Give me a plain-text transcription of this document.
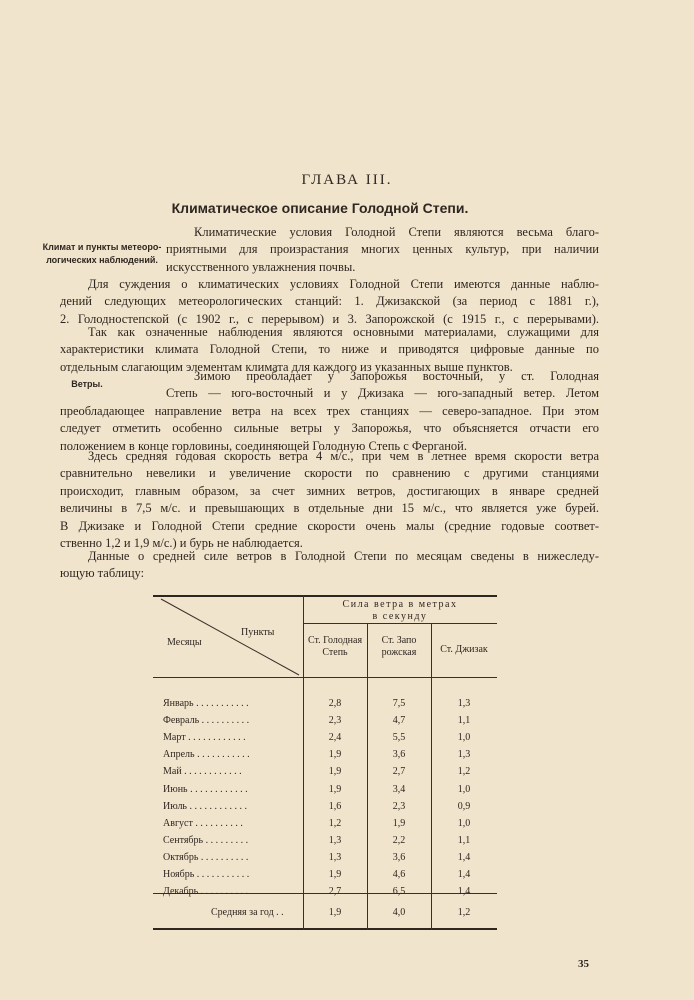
ГЛАВА III.
Климатическое описание Голодной Степи.
Климат и пункты метеоро-
логических наблюдений.
Ветры.
Климатические условия Голодной Степи являются весьма благо-
приятными для произрастания многих ценных культур, при наличии
искусственного увлажнения почвы.
Для суждения о климатических условиях Голодной Степи имеются данные наблю-
дений следующих метеорологических станций: 1. Джизакской (за период с 1881 г.),
2. Голодностепской (с 1902 г., с перерывом) и 3. Запорожской (с 1915 г., с перерывами).
Так как означенные наблюдения являются основными материалами, служащими для
характеристики климата Голодной Степи, то ниже и приводятся цифровые данные по
отдельным слагающим элементам климата для каждого из указанных выше пунктов.
Зимою преобладает у Запорожья восточный, у ст. Голодная
Степь — юго-восточный и у Джизака — юго-западный ветер. Летом
преобладающее направление ветра на всех трех станциях — северо-западное. При этом
следует отметить особенно сильные ветры у Запорожья, что объясняется отчасти его
положением в конце горловины, соединяющей Голодную Степь с Ферганой.
Здесь средняя годовая скорость ветра 4 м/с., при чем в летнее время скорости ветра
сравнительно невелики и увеличение скорости по сравнению с другими станциями
происходит, главным образом, за счет зимних ветров, достигающих в январе средней
величины в 7,5 м/с. и превышающих в отдельные дни 15 м/с., что является уже бурей.
В Джизаке и Голодной Степи средние скорости очень малы (средние годовые соответ-
ственно 1,2 и 1,9 м/с.) и бурь не наблюдается.
Данные о средней силе ветров в Голодной Степи по месяцам сведены в нижеследу-
ющую таблицу:
Пункты
Месяцы
Сила ветра в метрах
в секунду
Ст. Голодная
Степь
Ст. Запо
рожская	Ст. Джизак
Январь . . . . . . . . . . .	2,8	7,5	1,3
Февраль . . . . . . . . . .	2,3	4,7	1,1
Март . . . . . . . . . . . .	2,4	5,5	1,0
Апрель . . . . . . . . . . .	1,9	3,6	1,3
Май . . . . . . . . . . . .	1,9	2,7	1,2
Июнь . . . . . . . . . . . .	1,9	3,4	1,0
Июль . . . . . . . . . . . .	1,6	2,3	0,9
Август . . . . . . . . . .	1,2	1,9	1,0
Сентябрь . . . . . . . . .	1,3	2,2	1,1
Октябрь . . . . . . . . . .	1,3	3,6	1,4
Ноябрь . . . . . . . . . . .	1,9	4,6	1,4
Декабрь . . . . . . . . . .	2,7	6,5	1,4
Средняя за год . .	1,9	4,0	1,2
35
